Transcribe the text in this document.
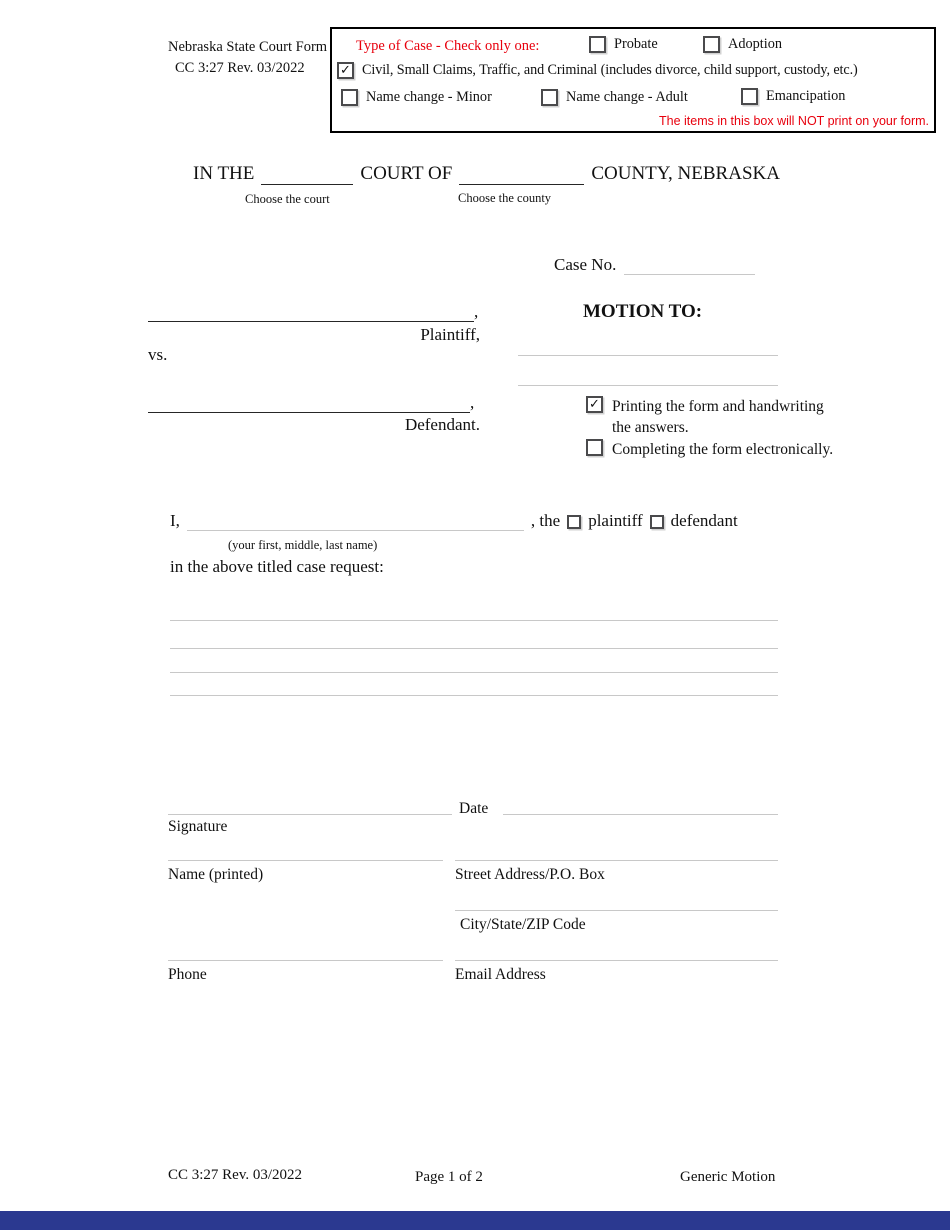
Nebraska State Court Form
CC 3:27 Rev. 03/2022
Type of Case - Check only one:	Probate	Adoption
✓ Civil, Small Claims, Traffic, and Criminal (includes divorce, child support, custody, etc.)
Name change - Minor	Name change - Adult	Emancipation
The items in this box will NOT print on your form.
IN THE	COURT OF	COUNTY, NEBRASKA
Choose the court	Choose the county
Case No.
,
Plaintiff,
vs.
,
Defendant.
MOTION TO:
✓ Printing the form and handwriting the answers.
Completing the form electronically.
I,	, the plaintiff defendant
(your first, middle, last name)
in the above titled case request:
Date
Signature
Name (printed)	Street Address/P.O. Box
City/State/ZIP Code
Phone	Email Address
CC 3:27 Rev. 03/2022	Page 1 of 2	Generic Motion
